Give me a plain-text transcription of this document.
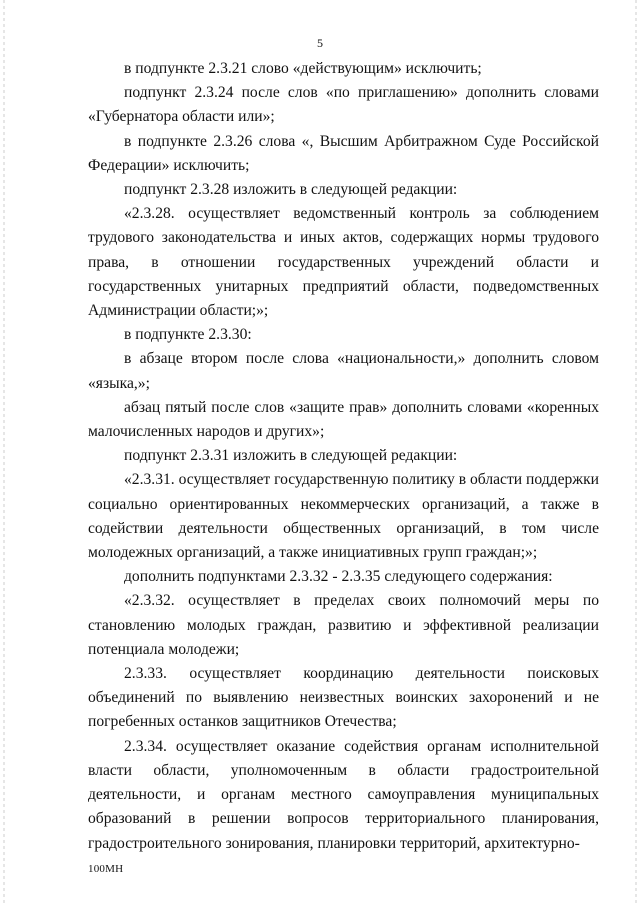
5

в подпункте 2.3.21 слово «действующим» исключить;

подпункт 2.3.24 после слов «по приглашению» дополнить словами «Губернатора области или»;

в подпункте 2.3.26 слова «, Высшим Арбитражном Суде Российской Федерации» исключить;

подпункт 2.3.28 изложить в следующей редакции:

«2.3.28. осуществляет ведомственный контроль за соблюдением трудового законодательства и иных актов, содержащих нормы трудового права, в отношении государственных учреждений области и государственных унитарных предприятий области, подведомственных Администрации области;»;

в подпункте 2.3.30:

в абзаце втором после слова «национальности,» дополнить словом «языка,»;

абзац пятый после слов «защите прав» дополнить словами «коренных малочисленных народов и других»;

подпункт 2.3.31 изложить в следующей редакции:

«2.3.31. осуществляет государственную политику в области поддержки социально ориентированных некоммерческих организаций, а также в содействии деятельности общественных организаций, в том числе молодежных организаций, а также инициативных групп граждан;»;

дополнить подпунктами 2.3.32 - 2.3.35 следующего содержания:

«2.3.32. осуществляет в пределах своих полномочий меры по становлению молодых граждан, развитию и эффективной реализации потенциала молодежи;

2.3.33. осуществляет координацию деятельности поисковых объединений по выявлению неизвестных воинских захоронений и не погребенных останков защитников Отечества;

2.3.34. осуществляет оказание содействия органам исполнительной власти области, уполномоченным в области градостроительной деятельности, и органам местного самоуправления муниципальных образований в решении вопросов территориального планирования, градостроительного зонирования, планировки территорий, архитектурно-

100МН
